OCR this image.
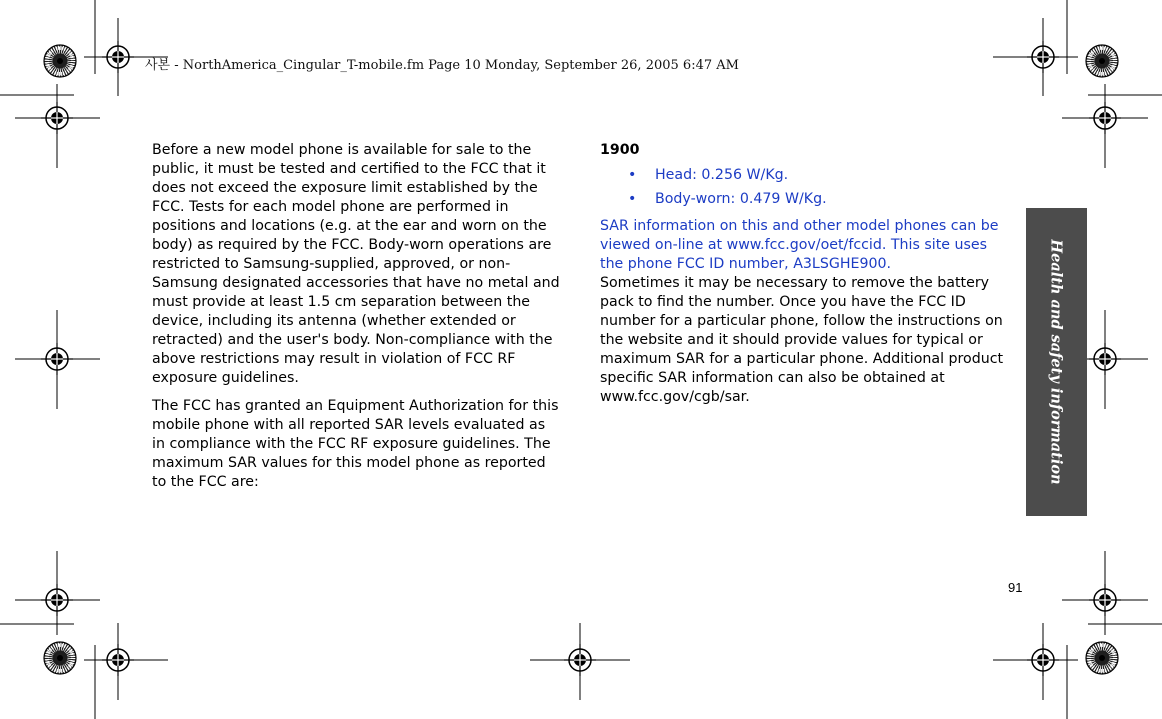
사본 - NorthAmerica_Cingular_T-mobile.fm Page 10 Monday, September 26, 2005 6:47 AM

Before a new model phone is available for sale to the public, it must be tested and certified to the FCC that it does not exceed the exposure limit established by the FCC. Tests for each model phone are performed in positions and locations (e.g. at the ear and worn on the body) as required by the FCC. Body-worn operations are restricted to Samsung-supplied, approved, or non- Samsung designated accessories that have no metal and must provide at least 1.5 cm separation between the device, including its antenna (whether extended or retracted) and the user's body. Non-compliance with the above restrictions may result in violation of FCC RF exposure guidelines.

The FCC has granted an Equipment Authorization for this mobile phone with all reported SAR levels evaluated as in compliance with the FCC RF exposure guidelines. The maximum SAR values for this model phone as reported to the FCC are:

1900
• Head: 0.256 W/Kg.
• Body-worn: 0.479 W/Kg.
SAR information on this and other model phones can be viewed on-line at www.fcc.gov/oet/fccid. This site uses the phone FCC ID number, A3LSGHE900.
Sometimes it may be necessary to remove the battery pack to find the number. Once you have the FCC ID number for a particular phone, follow the instructions on the website and it should provide values for typical or maximum SAR for a particular phone. Additional product specific SAR information can also be obtained at www.fcc.gov/cgb/sar.	Health and safety information
91
